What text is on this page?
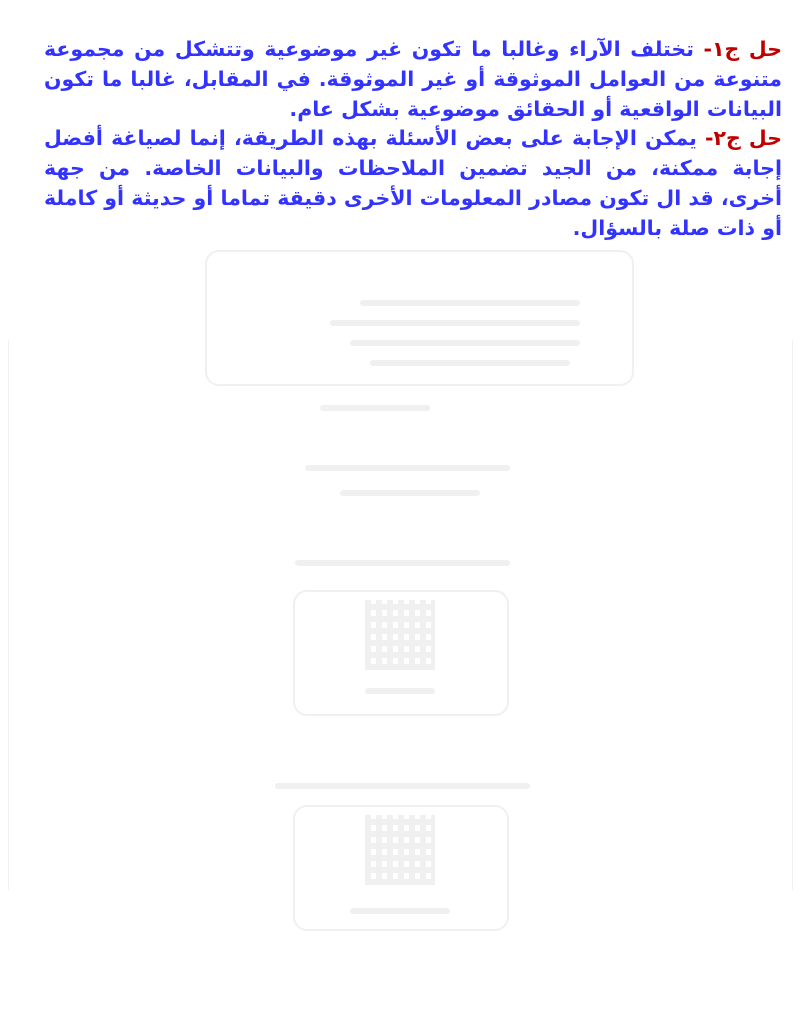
حل ج١- تختلف الآراء وغالبا ما تكون غير موضوعية وتتشكل من مجموعة متنوعة من العوامل الموثوقة أو غير الموثوقة. في المقابل، غالبا ما تكون البيانات الواقعية أو الحقائق موضوعية بشكل عام.

حل ج٢- يمكن الإجابة على بعض الأسئلة بهذه الطريقة، إنما لصياغة أفضل إجابة ممكنة، من الجيد تضمين الملاحظات والبيانات الخاصة. من جهة أخرى، قد ال تكون مصادر المعلومات الأخرى دقيقة تماما أو حديثة أو كاملة أو ذات صلة بالسؤال.
